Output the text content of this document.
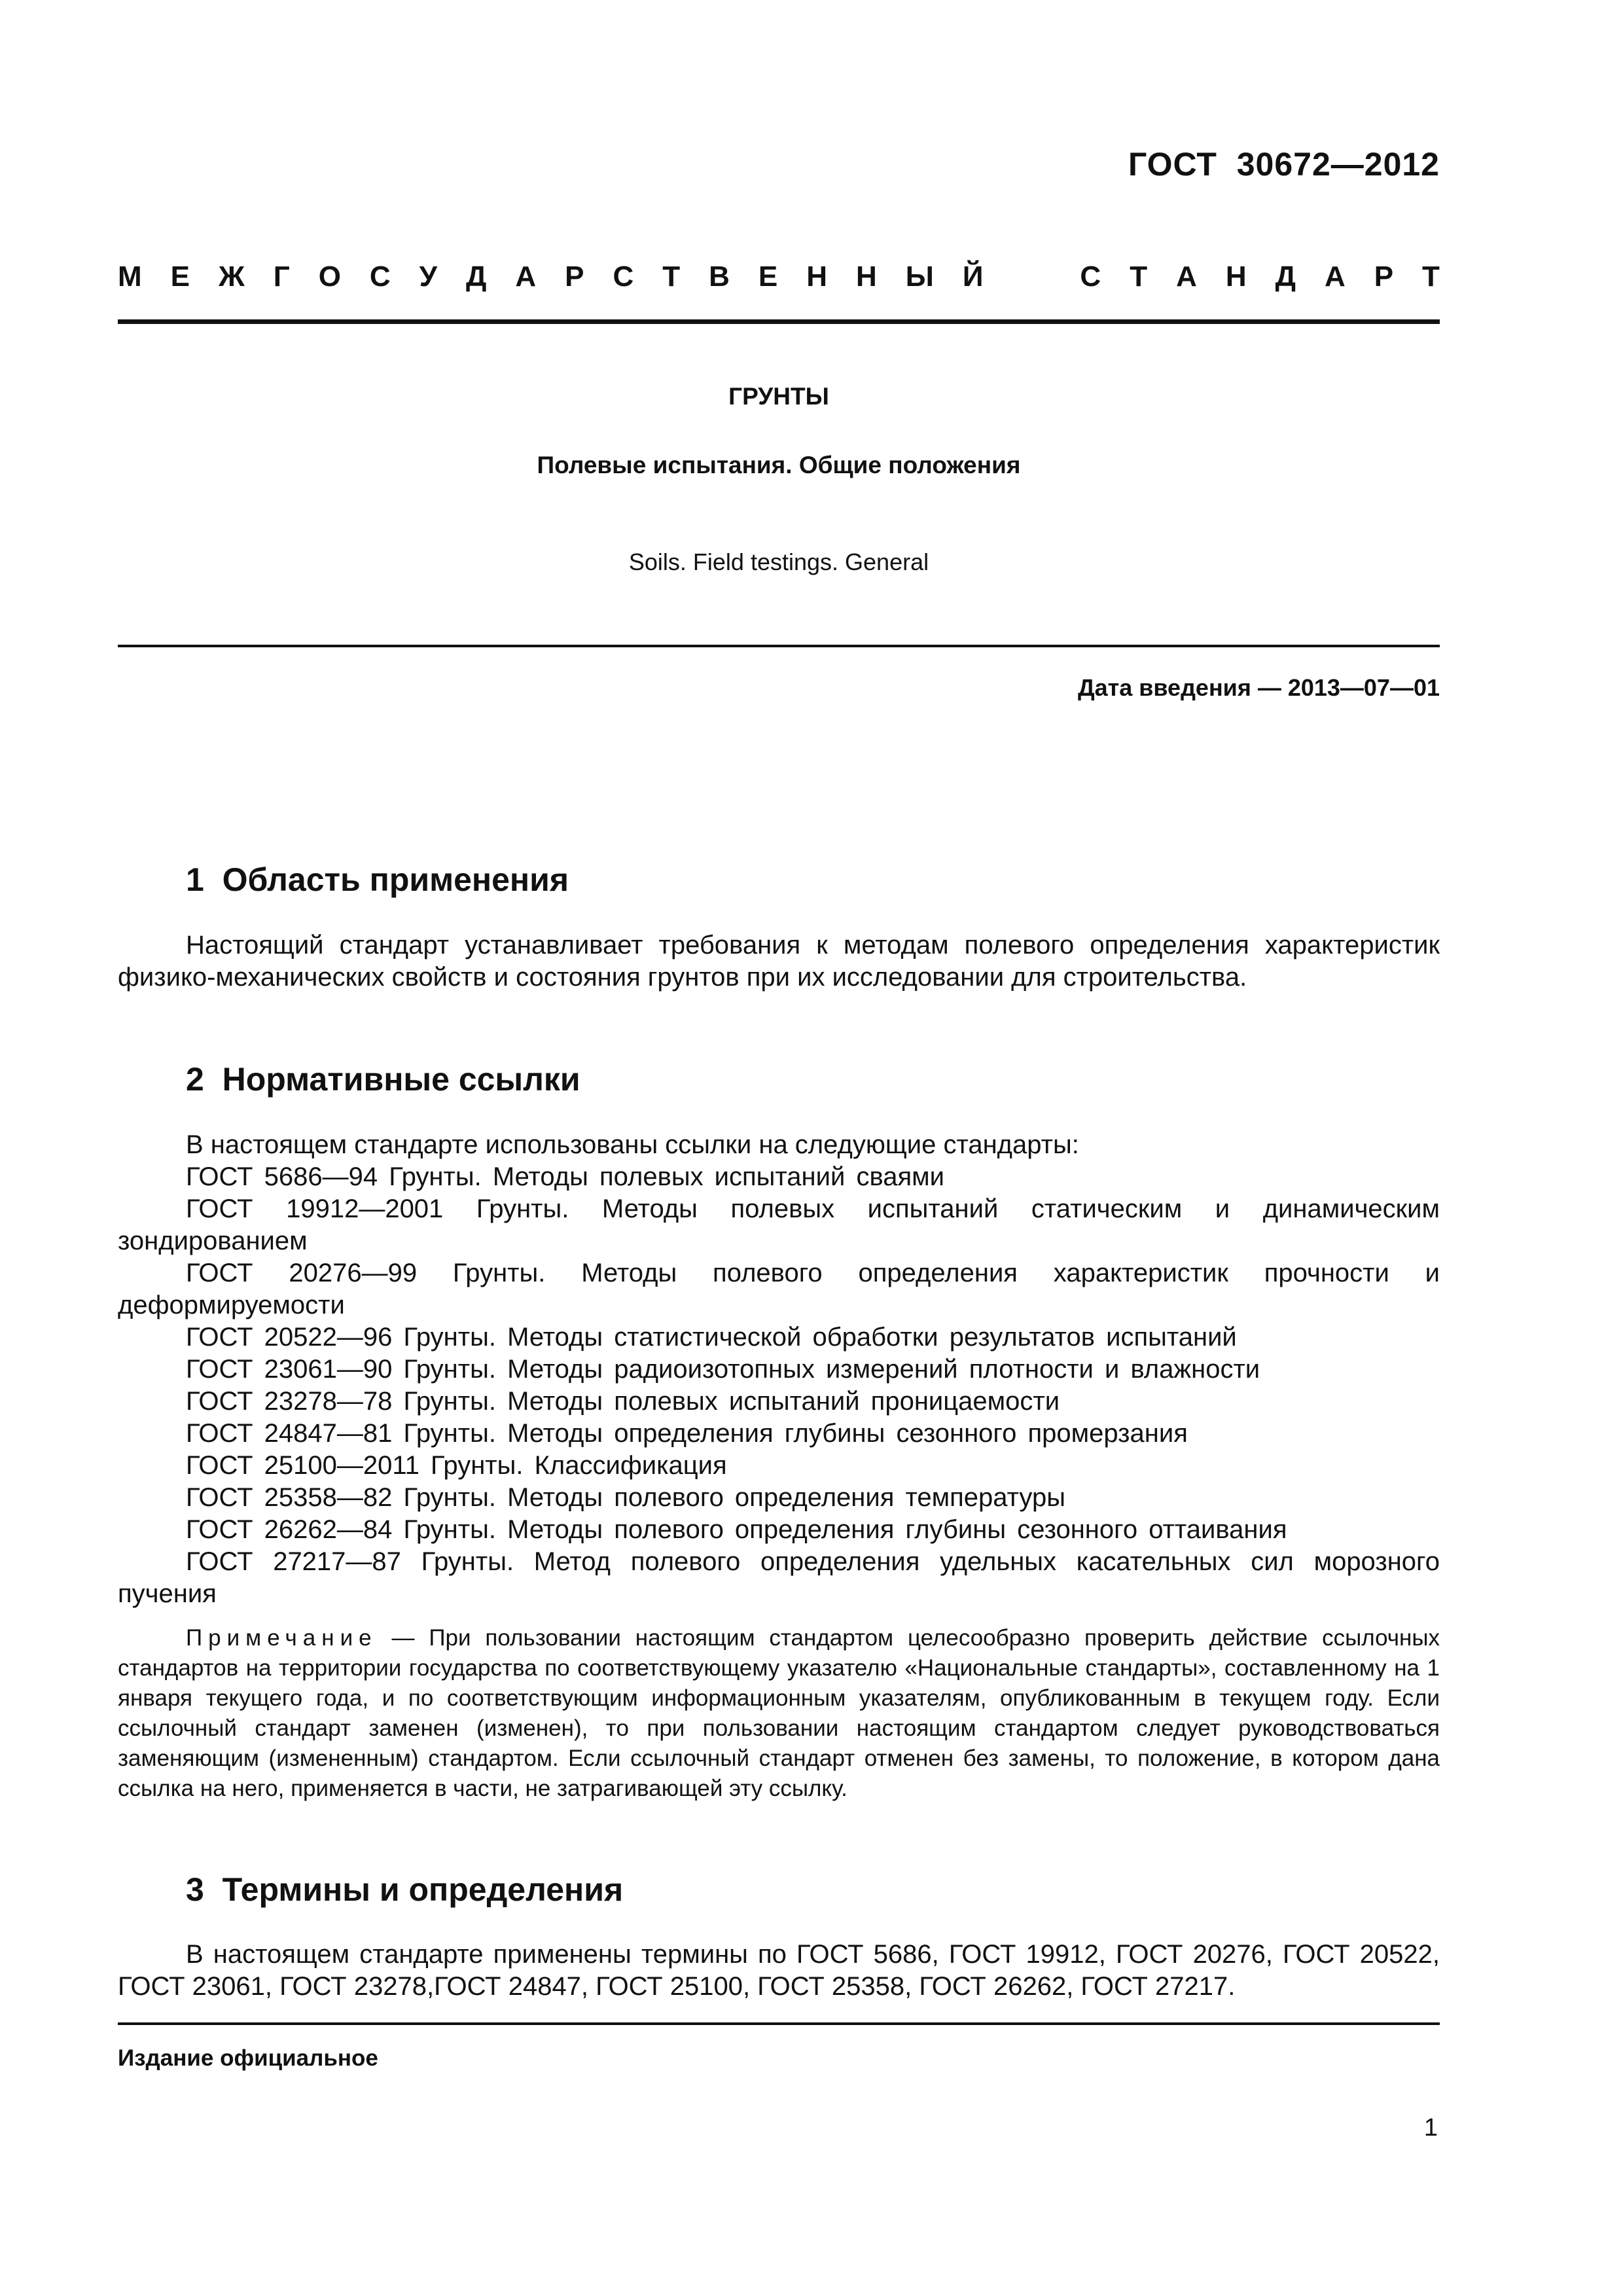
ГОСТ  30672—2012
М Е Ж Г О С У Д А Р С Т В Е Н Н Ы Й	С Т А Н Д А Р Т
ГРУНТЫ
Полевые испытания. Общие положения
Soils. Field testings. General
Дата введения — 2013—07—01
1  Область применения

Настоящий стандарт устанавливает требования к методам полевого определения характеристик физико-механических свойств и состояния грунтов при их исследовании для строительства.

2  Нормативные ссылки
В настоящем стандарте использованы ссылки на следующие стандарты:
ГОСТ 5686—94 Грунты. Методы полевых испытаний сваями
ГОСТ 19912—2001 Грунты. Методы полевых испытаний статическим и динамическим зондированием
ГОСТ 20276—99 Грунты. Методы полевого определения характеристик прочности и деформируемости
ГОСТ 20522—96 Грунты. Методы статистической обработки результатов испытаний
ГОСТ 23061—90 Грунты. Методы радиоизотопных измерений плотности и влажности
ГОСТ 23278—78 Грунты. Методы полевых испытаний проницаемости
ГОСТ 24847—81 Грунты. Методы определения глубины сезонного промерзания
ГОСТ 25100—2011 Грунты. Классификация
ГОСТ 25358—82 Грунты. Методы полевого определения температуры
ГОСТ 26262—84 Грунты. Методы полевого определения глубины сезонного оттаивания
ГОСТ 27217—87 Грунты. Метод полевого определения удельных касательных сил морозного пучения
Примечание — При пользовании настоящим стандартом целесообразно проверить действие ссылочных стандартов на территории государства по соответствующему указателю «Национальные стандарты», составленному на 1 января текущего года, и по соответствующим информационным указателям, опубликованным в текущем году. Если ссылочный стандарт заменен (изменен), то при пользовании настоящим стандартом следует руководствоваться заменяющим (измененным) стандартом. Если ссылочный стандарт отменен без замены, то положение, в котором дана ссылка на него, применяется в части, не затрагивающей эту ссылку.
3  Термины и определения

В настоящем стандарте применены термины по ГОСТ 5686, ГОСТ 19912, ГОСТ 20276, ГОСТ 20522, ГОСТ 23061, ГОСТ 23278,ГОСТ 24847, ГОСТ 25100, ГОСТ 25358, ГОСТ 26262, ГОСТ 27217.

Издание официальное
1
